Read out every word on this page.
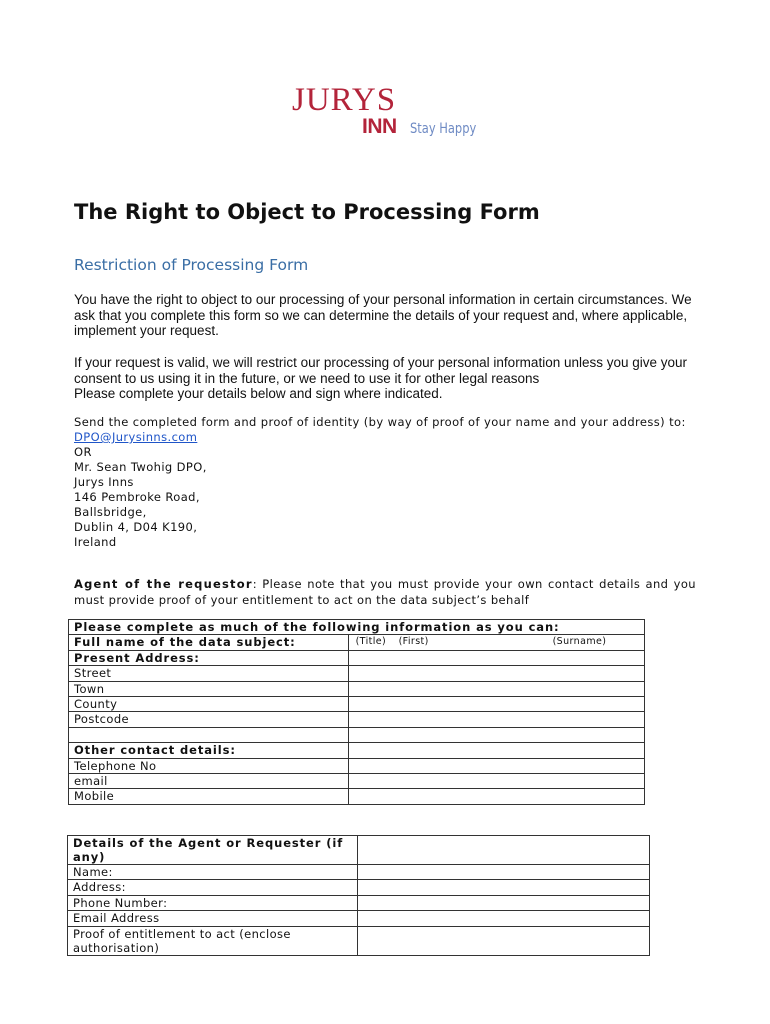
JURYS
INN Stay Happy
The Right to Object to Processing Form
Restriction of Processing Form

You have the right to object to our processing of your personal information in certain circumstances. We ask that you complete this form so we can determine the details of your request and, where applicable, implement your request.

If your request is valid, we will restrict our processing of your personal information unless you give your consent to us using it in the future, or we need to use it for other legal reasons
Please complete your details below and sign where indicated.
Send the completed form and proof of identity (by way of proof of your name and your address) to:
DPO@Jurysinns.com
OR
Mr. Sean Twohig DPO,
Jurys Inns
146 Pembroke Road,
Ballsbridge,
Dublin 4, D04 K190,
Ireland
Agent of the requestor: Please note that you must provide your own contact details and you must provide proof of your entitlement to act on the data subject’s behalf
Please complete as much of the following information as you can:	
Full name of the data subject:	(Title) (First) (Surname)

Present Address:	
Street	
Town	
County	
Postcode	

Other contact details:	
Telephone No	
email	
Mobile	
Details of the Agent or Requester (if any)	
Name:	
Address:	
Phone Number:	
Email Address	
Proof of entitlement to act (enclose authorisation)	
